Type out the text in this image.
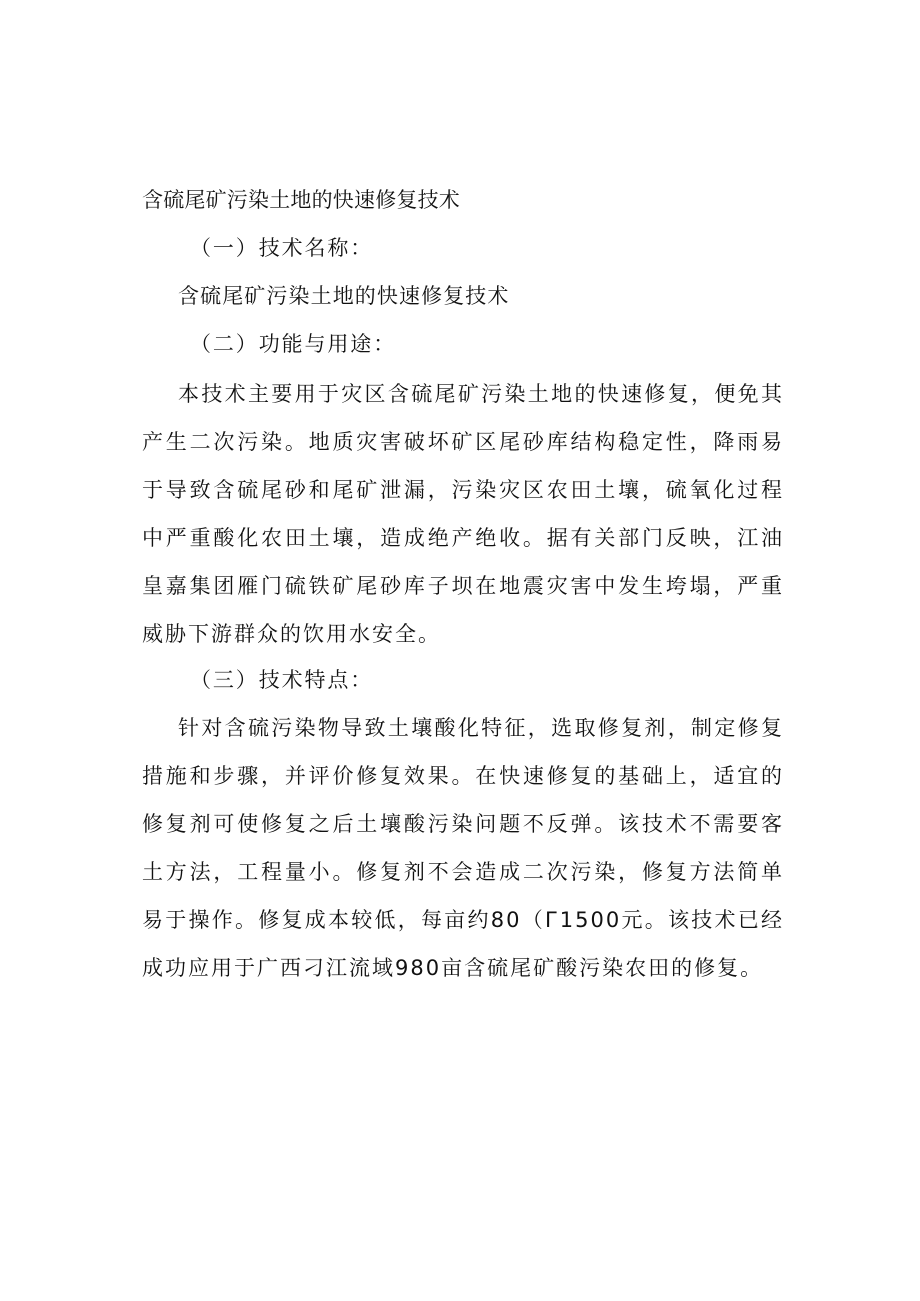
含硫尾矿污染土地的快速修复技术
（一）技术名称：
含硫尾矿污染土地的快速修复技术
（二）功能与用途：
本技术主要用于灾区含硫尾矿污染土地的快速修复，便免其产生二次污染。地质灾害破坏矿区尾砂库结构稳定性，降雨易于导致含硫尾砂和尾矿泄漏，污染灾区农田土壤，硫氧化过程中严重酸化农田土壤，造成绝产绝收。据有关部门反映，江油皇嘉集团雁门硫铁矿尾砂库子坝在地震灾害中发生垮塌，严重威胁下游群众的饮用水安全。
（三）技术特点：
针对含硫污染物导致土壤酸化特征，选取修复剂，制定修复措施和步骤，并评价修复效果。在快速修复的基础上，适宜的修复剂可使修复之后土壤酸污染问题不反弹。该技术不需要客土方法，工程量小。修复剂不会造成二次污染，修复方法简单易于操作。修复成本较低，每亩约80（Г1500元。该技术已经成功应用于广西刁江流域980亩含硫尾矿酸污染农田的修复。
